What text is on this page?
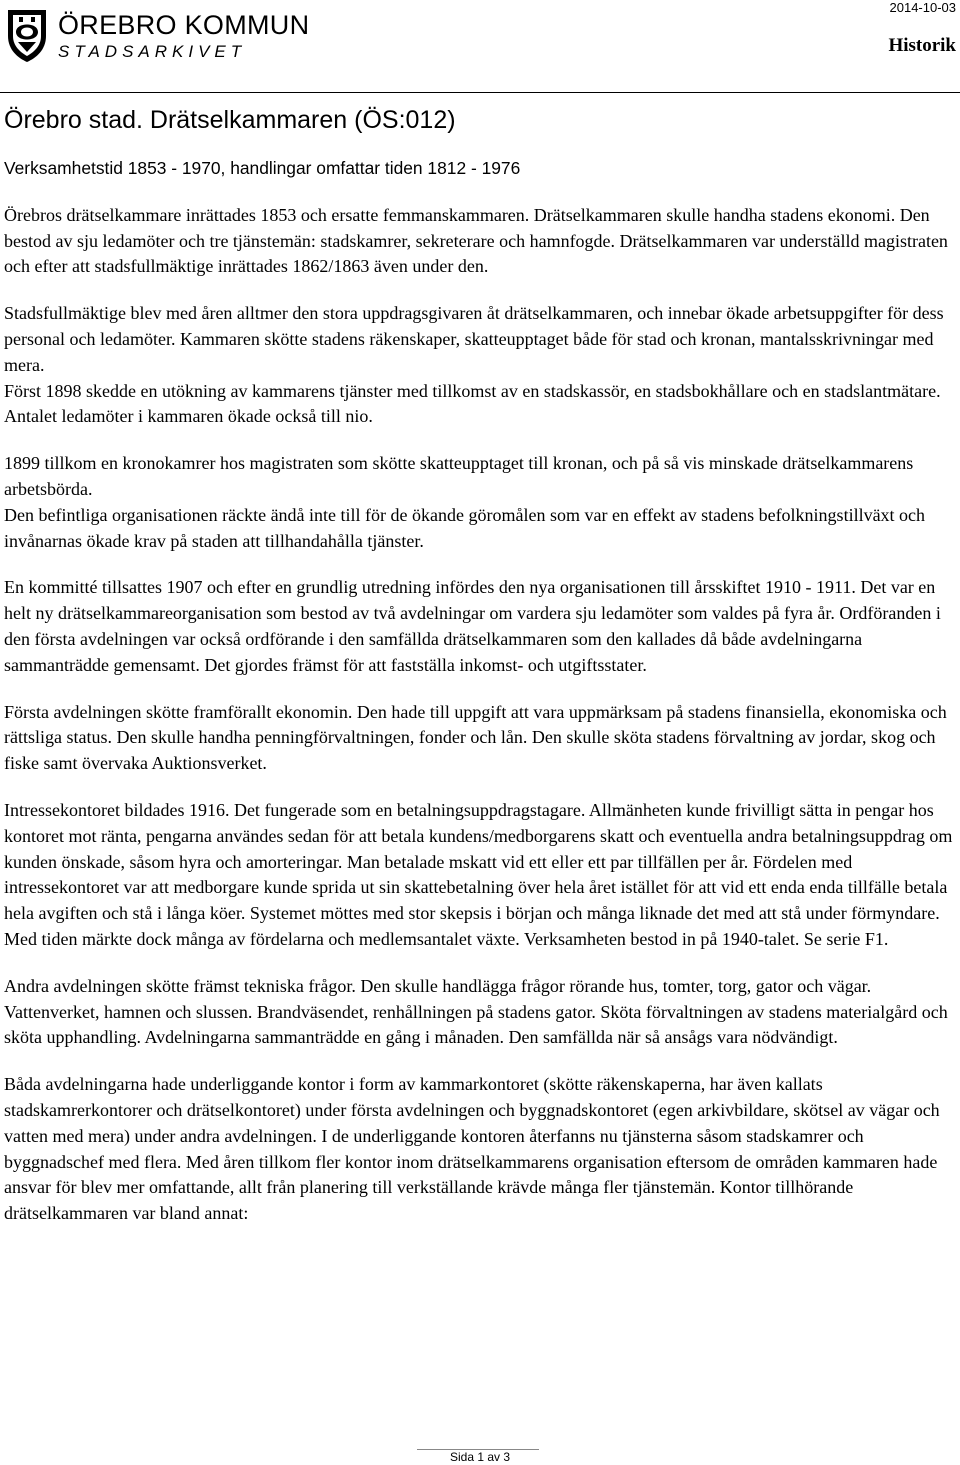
ÖREBRO KOMMUN
STADSARKIVET
2014-10-03
Historik
Örebro stad. Drätselkammaren (ÖS:012)

Verksamhetstid 1853 - 1970, handlingar omfattar tiden 1812 - 1976

Örebros drätselkammare inrättades 1853 och ersatte femmanskammaren. Drätselkammaren skulle handha stadens ekonomi. Den bestod av sju ledamöter och tre tjänstemän: stadskamrer, sekreterare och hamnfogde. Drätselkammaren var underställd magistraten och efter att stadsfullmäktige inrättades 1862/1863 även under den.

Stadsfullmäktige blev med åren alltmer den stora uppdragsgivaren åt drätselkammaren, och innebar ökade arbetsuppgifter för dess personal och ledamöter. Kammaren skötte stadens räkenskaper, skatteupptaget både för stad och kronan, mantalsskrivningar med mera.

Först 1898 skedde en utökning av kammarens tjänster med tillkomst av en stadskassör, en stadsbokhållare och en stadslantmätare. Antalet ledamöter i kammaren ökade också till nio.

1899 tillkom en kronokamrer hos magistraten som skötte skatteupptaget till kronan, och på så vis minskade drätselkammarens arbetsbörda.

Den befintliga organisationen räckte ändå inte till för de ökande göromålen som var en effekt av stadens befolkningstillväxt och invånarnas ökade krav på staden att tillhandahålla tjänster.

En kommitté tillsattes 1907 och efter en grundlig utredning infördes den nya organisationen till årsskiftet 1910 - 1911. Det var en helt ny drätselkammareorganisation som bestod av två avdelningar om vardera sju ledamöter som valdes på fyra år. Ordföranden i den första avdelningen var också ordförande i den samfällda drätselkammaren som den kallades då både avdelningarna sammanträdde gemensamt. Det gjordes främst för att fastställa inkomst- och utgiftsstater.

Första avdelningen skötte framförallt ekonomin. Den hade till uppgift att vara uppmärksam på stadens finansiella, ekonomiska och rättsliga status. Den skulle handha penningförvaltningen, fonder och lån. Den skulle sköta stadens förvaltning av jordar, skog och fiske samt övervaka Auktionsverket.

Intressekontoret bildades 1916. Det fungerade som en betalningsuppdragstagare. Allmänheten kunde frivilligt sätta in pengar hos kontoret mot ränta, pengarna användes sedan för att betala kundens/medborgarens skatt och eventuella andra betalningsuppdrag om kunden önskade, såsom hyra och amorteringar. Man betalade mskatt vid ett eller ett par tillfällen per år. Fördelen med intressekontoret var att medborgare kunde sprida ut sin skattebetalning över hela året istället för att vid ett enda enda tillfälle betala hela avgiften och stå i långa köer. Systemet möttes med stor skepsis i början och många liknade det med att stå under förmyndare. Med tiden märkte dock många av fördelarna och medlemsantalet växte. Verksamheten bestod in på 1940-talet. Se serie F1.

Andra avdelningen skötte främst tekniska frågor. Den skulle handlägga frågor rörande hus, tomter, torg, gator och vägar. Vattenverket, hamnen och slussen. Brandväsendet, renhållningen på stadens gator. Sköta förvaltningen av stadens materialgård och sköta upphandling. Avdelningarna sammanträdde en gång i månaden. Den samfällda när så ansågs vara nödvändigt.

Båda avdelningarna hade underliggande kontor i form av kammarkontoret (skötte räkenskaperna, har även kallats stadskamrerkontorer och drätselkontoret) under första avdelningen och byggnadskontoret (egen arkivbildare, skötsel av vägar och vatten med mera) under andra avdelningen. I de underliggande kontoren återfanns nu tjänsterna såsom stadskamrer och byggnadschef med flera. Med åren tillkom fler kontor inom drätselkammarens organisation eftersom de områden kammaren hade ansvar för blev mer omfattande, allt från planering till verkställande krävde många fler tjänstemän. Kontor tillhörande drätselkammaren var bland annat:

Sida 1 av 3
